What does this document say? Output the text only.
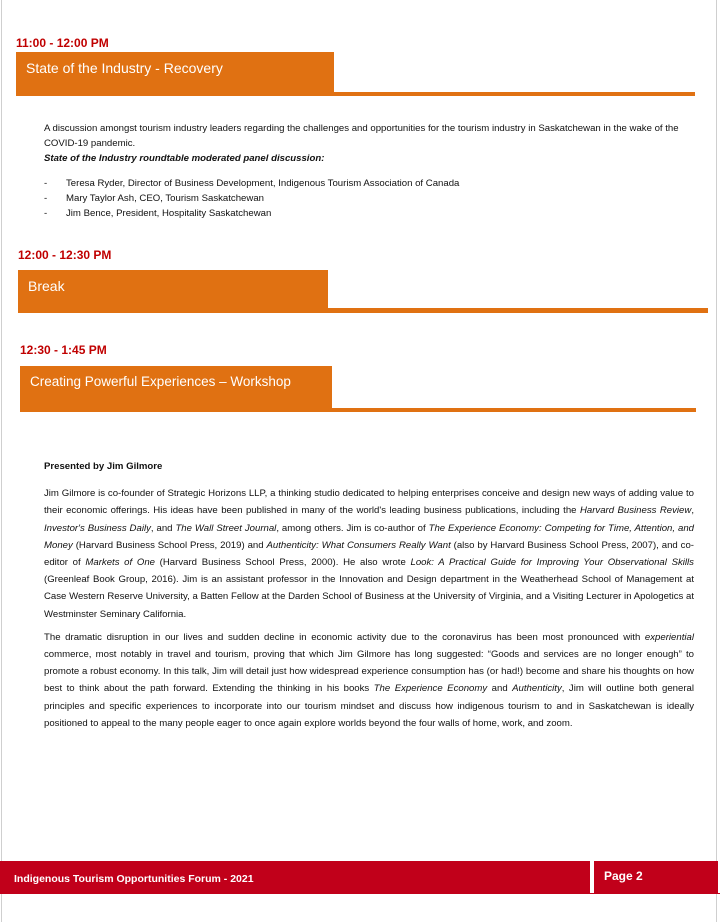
11:00 - 12:00 PM
State of the Industry - Recovery

A discussion amongst tourism industry leaders regarding the challenges and opportunities for the tourism industry in Saskatchewan in the wake of the COVID-19 pandemic.

State of the Industry roundtable moderated panel discussion:

- Teresa Ryder, Director of Business Development, Indigenous Tourism Association of Canada
- Mary Taylor Ash, CEO, Tourism Saskatchewan
- Jim Bence, President, Hospitality Saskatchewan
12:00 - 12:30 PM
Break
12:30 - 1:45 PM
Creating Powerful Experiences – Workshop

Presented by Jim Gilmore

Jim Gilmore is co-founder of Strategic Horizons LLP, a thinking studio dedicated to helping enterprises conceive and design new ways of adding value to their economic offerings. His ideas have been published in many of the world's leading business publications, including the Harvard Business Review, Investor's Business Daily, and The Wall Street Journal, among others. Jim is co-author of The Experience Economy: Competing for Time, Attention, and Money (Harvard Business School Press, 2019) and Authenticity: What Consumers Really Want (also by Harvard Business School Press, 2007), and co-editor of Markets of One (Harvard Business School Press, 2000). He also wrote Look: A Practical Guide for Improving Your Observational Skills (Greenleaf Book Group, 2016). Jim is an assistant professor in the Innovation and Design department in the Weatherhead School of Management at Case Western Reserve University, a Batten Fellow at the Darden School of Business at the University of Virginia, and a Visiting Lecturer in Apologetics at Westminster Seminary California.

The dramatic disruption in our lives and sudden decline in economic activity due to the coronavirus has been most pronounced with experiential commerce, most notably in travel and tourism, proving that which Jim Gilmore has long suggested: “Goods and services are no longer enough” to promote a robust economy. In this talk, Jim will detail just how widespread experience consumption has (or had!) become and share his thoughts on how best to think about the path forward. Extending the thinking in his books The Experience Economy and Authenticity, Jim will outline both general principles and specific experiences to incorporate into our tourism mindset and discuss how indigenous tourism to and in Saskatchewan is ideally positioned to appeal to the many people eager to once again explore worlds beyond the four walls of home, work, and zoom.

Indigenous Tourism Opportunities Forum - 2021	Page 2
